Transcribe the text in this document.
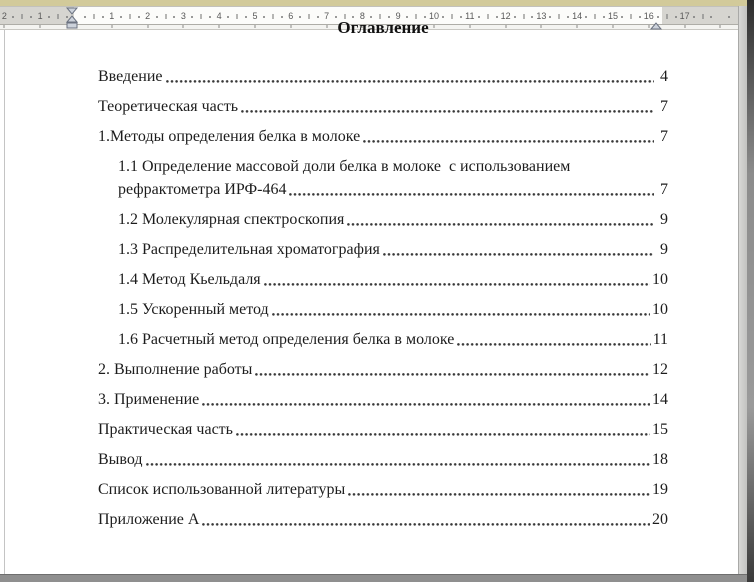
2	1	1	2	3	4	5	6	7	8	9	10	11	12	13	14	15	16	17
Оглавление
Введение	4
Теоретическая часть	7
1.Методы определения белка в молоке	7
1.1 Определение массовой доли белка в молоке  с использованием
рефрактометра ИРФ-464	7
1.2 Молекулярная спектроскопия	9
1.3 Распределительная хроматография	9
1.4 Метод Кьельдаля	10
1.5 Ускоренный метод	10
1.6 Расчетный метод определения белка в молоке	11
2. Выполнение работы	12
3. Применение	14
Практическая часть	15
Вывод	18
Список использованной литературы	19
Приложение А	20
